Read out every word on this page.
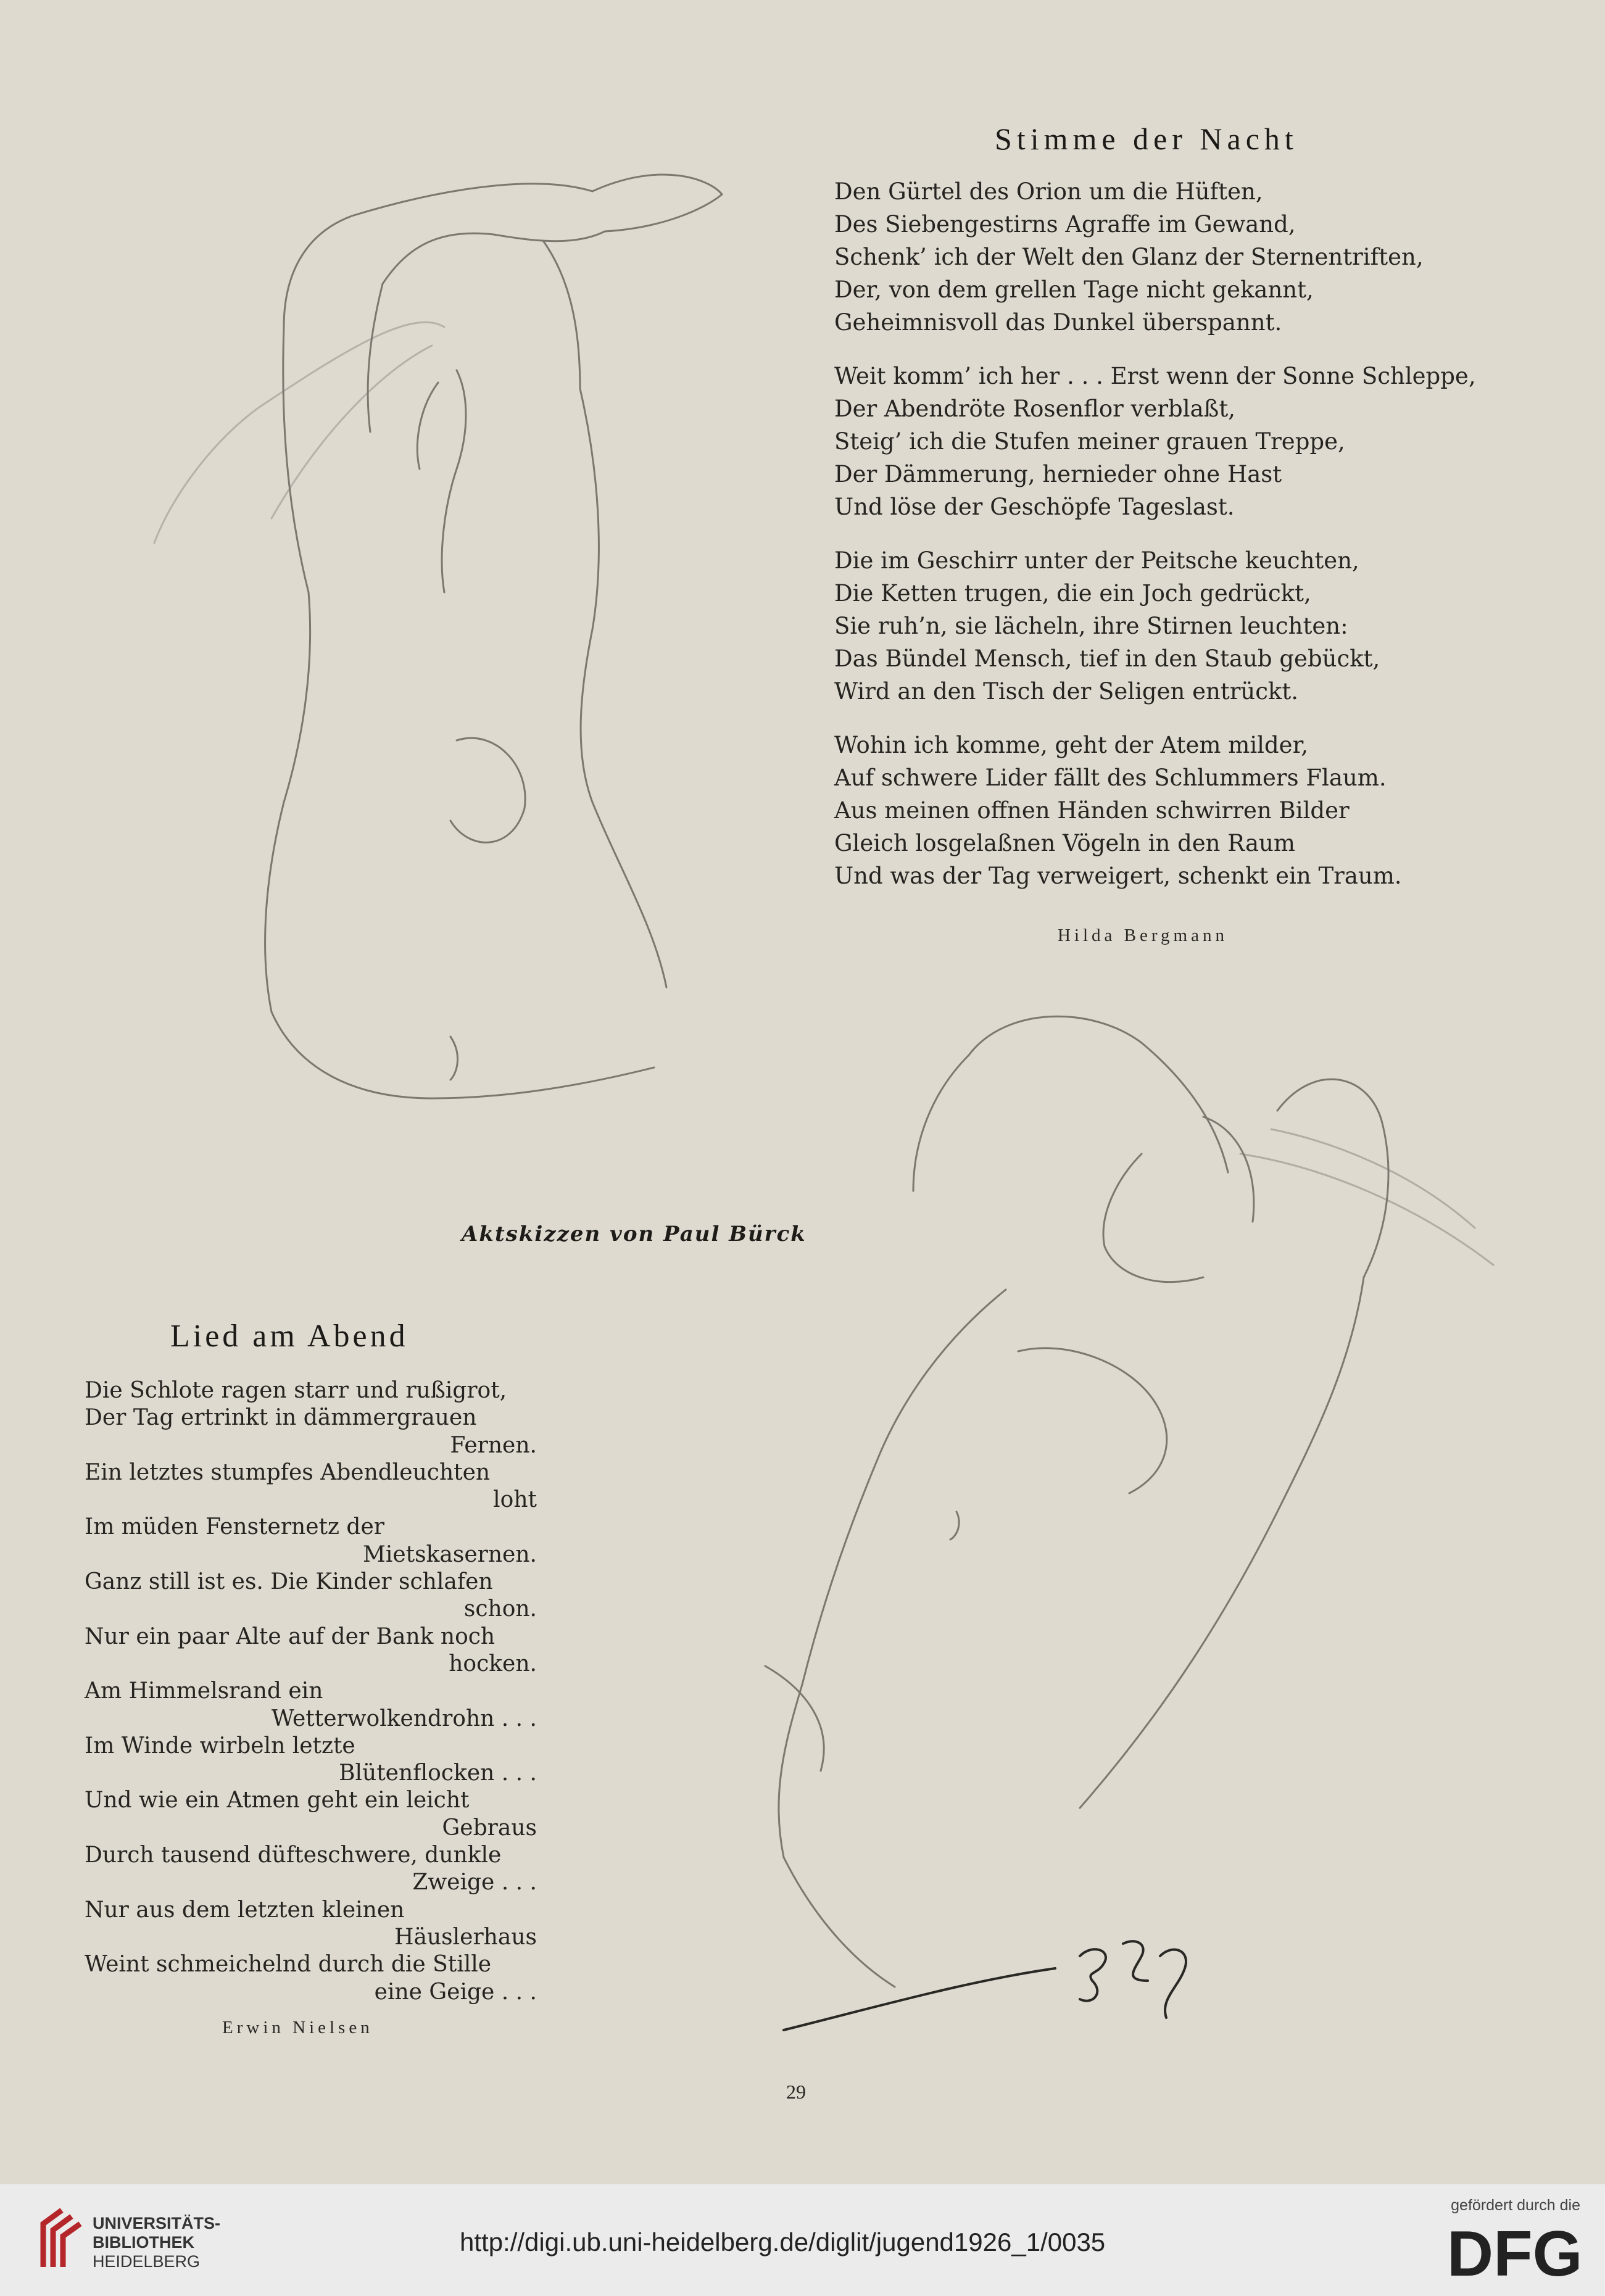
Stimme der Nacht
Den Gürtel des Orion um die Hüften,
Des Siebengestirns Agraffe im Gewand,
Schenk’ ich der Welt den Glanz der Sternentriften,
Der, von dem grellen Tage nicht gekannt,
Geheimnisvoll das Dunkel überspannt.
Weit komm’ ich her . . . Erst wenn der Sonne Schleppe,
Der Abendröte Rosenflor verblaßt,
Steig’ ich die Stufen meiner grauen Treppe,
Der Dämmerung, hernieder ohne Hast
Und löse der Geschöpfe Tageslast.
Die im Geschirr unter der Peitsche keuchten,
Die Ketten trugen, die ein Joch gedrückt,
Sie ruh’n, sie lächeln, ihre Stirnen leuchten:
Das Bündel Mensch, tief in den Staub gebückt,
Wird an den Tisch der Seligen entrückt.
Wohin ich komme, geht der Atem milder,
Auf schwere Lider fällt des Schlummers Flaum.
Aus meinen offnen Händen schwirren Bilder
Gleich losgelaßnen Vögeln in den Raum
Und was der Tag verweigert, schenkt ein Traum.
Hilda Bergmann
Aktskizzen von Paul Bürck
Lied am Abend
Die Schlote ragen starr und rußigrot,
Der Tag ertrinkt in dämmergrauen
Fernen.
Ein letztes stumpfes Abendleuchten
loht
Im müden Fensternetz der
Mietskasernen.
Ganz still ist es. Die Kinder schlafen
schon.
Nur ein paar Alte auf der Bank noch
hocken.
Am Himmelsrand ein
Wetterwolkendrohn . . .
Im Winde wirbeln letzte
Blütenflocken . . .
Und wie ein Atmen geht ein leicht
Gebraus
Durch tausend düfteschwere, dunkle
Zweige . . .
Nur aus dem letzten kleinen
Häuslerhaus
Weint schmeichelnd durch die Stille
eine Geige . . .
Erwin Nielsen
29
UNIVERSITÄTS-
BIBLIOTHEK
HEIDELBERG
http://digi.ub.uni-heidelberg.de/diglit/jugend1926_1/0035
gefördert durch die
DFG
